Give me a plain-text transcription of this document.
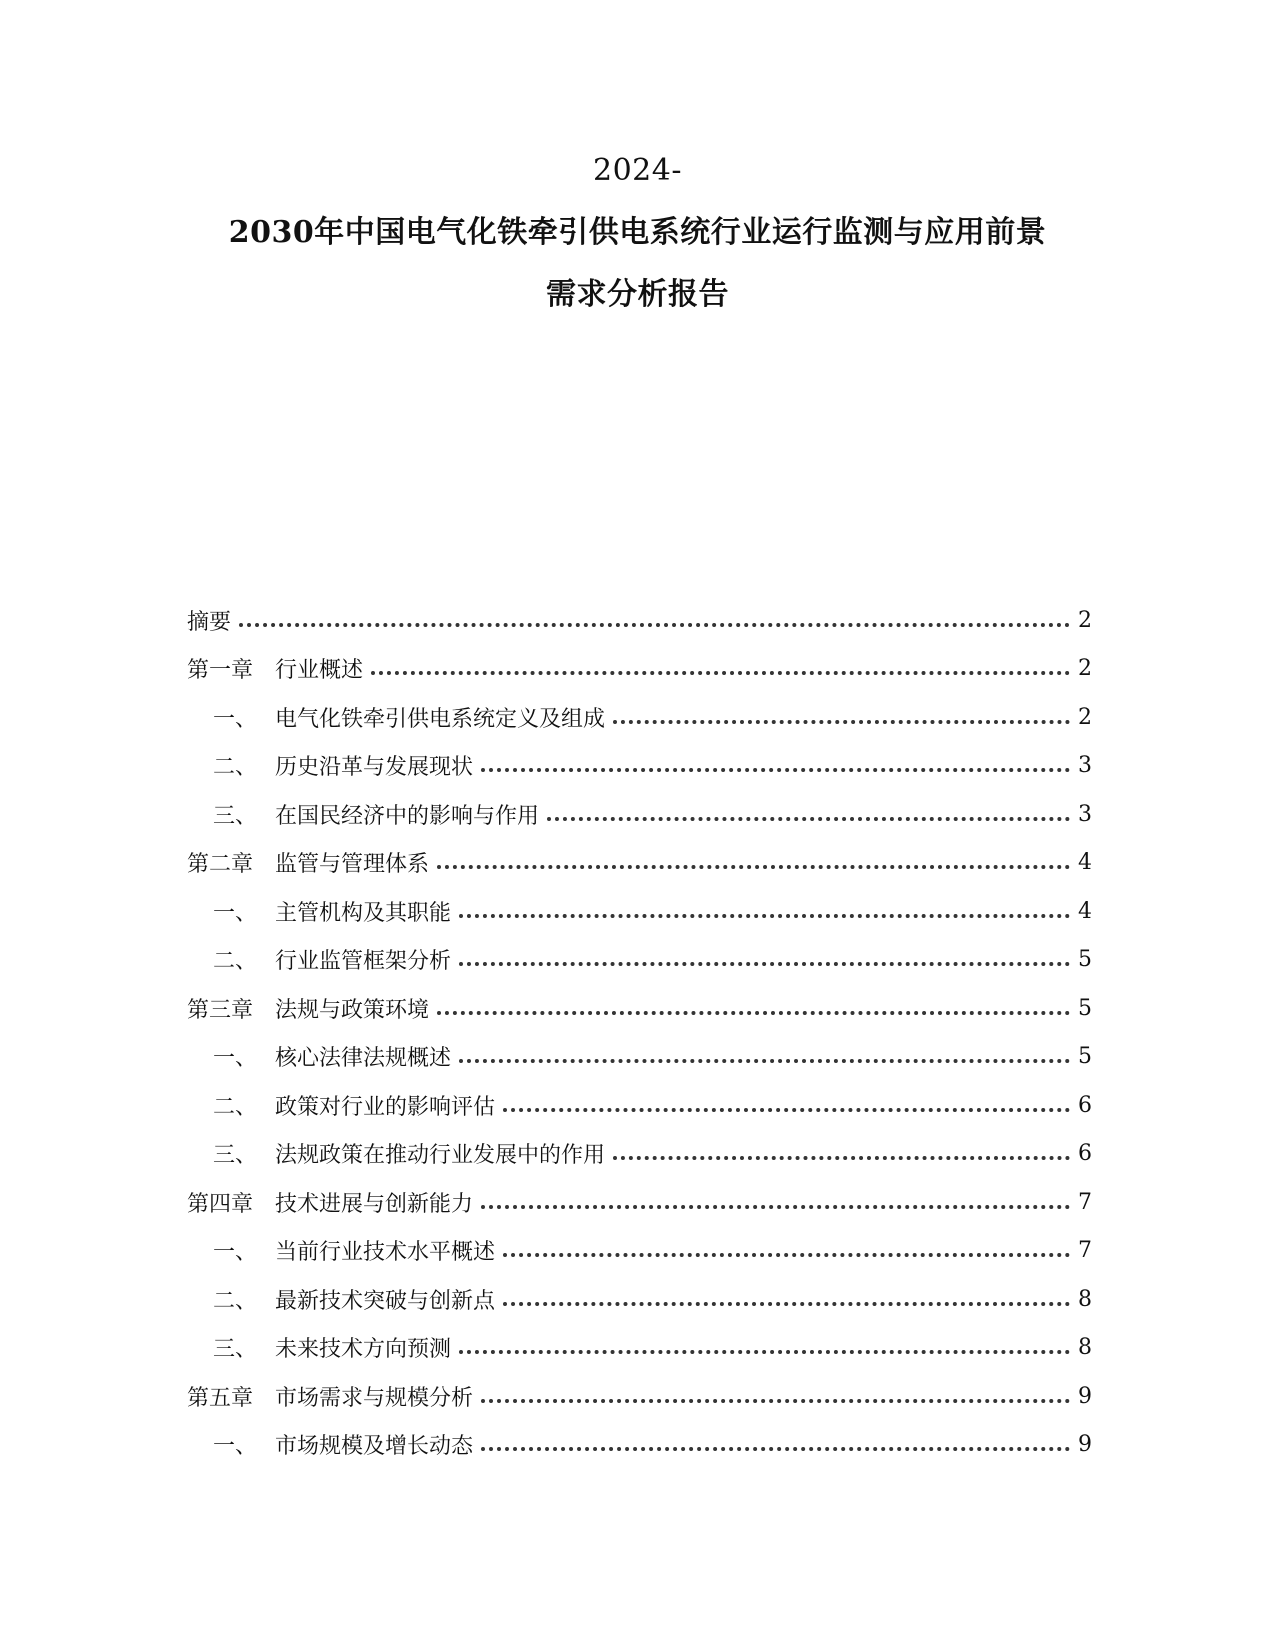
2024-
2030年中国电气化铁牵引供电系统行业运行监测与应用前景
需求分析报告
摘要	2
第一章 行业概述	2
一、 电气化铁牵引供电系统定义及组成	2
二、 历史沿革与发展现状	3
三、 在国民经济中的影响与作用	3
第二章 监管与管理体系	4
一、 主管机构及其职能	4
二、 行业监管框架分析	5
第三章 法规与政策环境	5
一、 核心法律法规概述	5
二、 政策对行业的影响评估	6
三、 法规政策在推动行业发展中的作用	6
第四章 技术进展与创新能力	7
一、 当前行业技术水平概述	7
二、 最新技术突破与创新点	8
三、 未来技术方向预测	8
第五章 市场需求与规模分析	9
一、 市场规模及增长动态	9
